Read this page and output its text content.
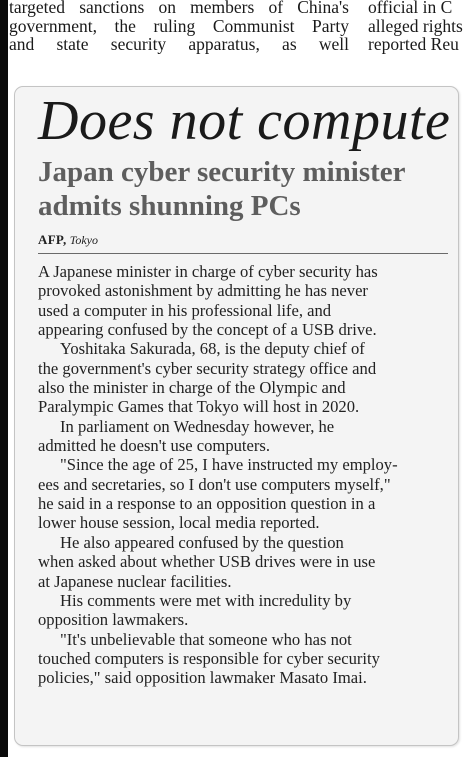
targeted sanctions on members of China's
government, the ruling Communist Party
and state security apparatus, as well
official in C
alleged rights
reported Reu
Does not compute
Japan cyber security minister
admits shunning PCs
AFP, Tokyo
A Japanese minister in charge of cyber security has
provoked astonishment by admitting he has never
used a computer in his professional life, and
appearing confused by the concept of a USB drive.
Yoshitaka Sakurada, 68, is the deputy chief of
the government's cyber security strategy office and
also the minister in charge of the Olympic and
Paralympic Games that Tokyo will host in 2020.
In parliament on Wednesday however, he
admitted he doesn't use computers.
"Since the age of 25, I have instructed my employ-
ees and secretaries, so I don't use computers myself,"
he said in a response to an opposition question in a
lower house session, local media reported.
He also appeared confused by the question
when asked about whether USB drives were in use
at Japanese nuclear facilities.
His comments were met with incredulity by
opposition lawmakers.
"It's unbelievable that someone who has not
touched computers is responsible for cyber security
policies," said opposition lawmaker Masato Imai.
